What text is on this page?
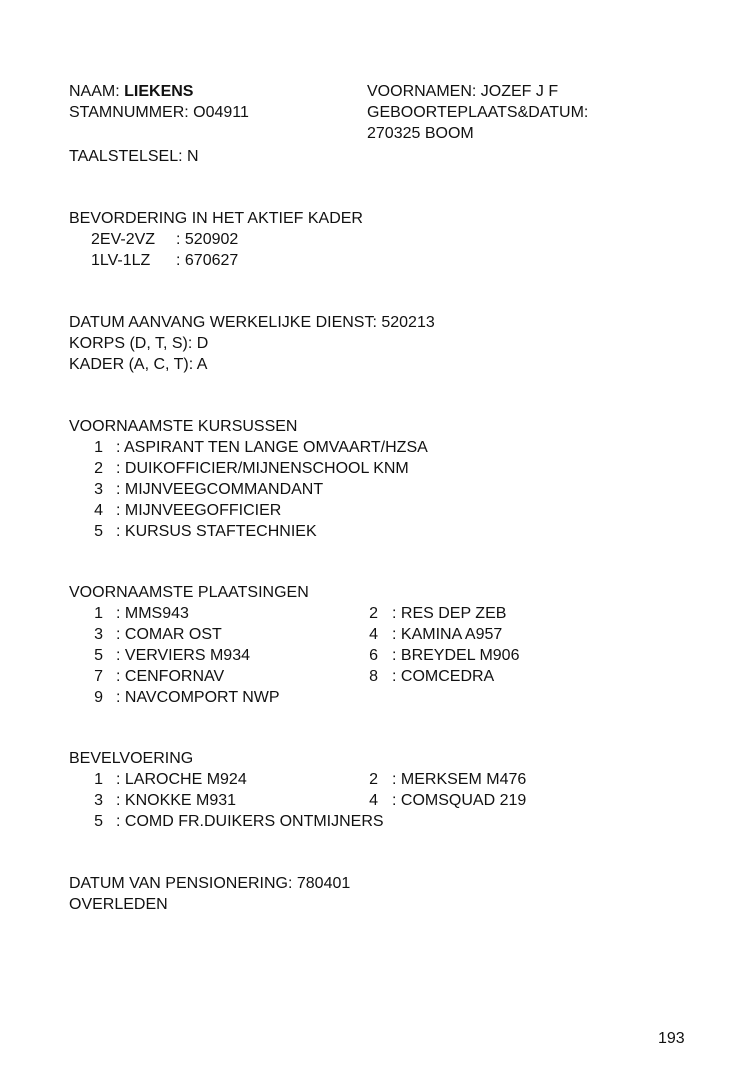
NAAM: LIEKENS	VOORNAMEN: JOZEF J F
STAMNUMMER: O04911	GEBOORTEPLAATS&DATUM:
270325 BOOM
TAALSTELSEL: N
BEVORDERING IN HET AKTIEF KADER
2EV-2VZ : 520902
1LV-1LZ : 670627
DATUM AANVANG WERKELIJKE DIENST: 520213
KORPS (D, T, S): D
KADER (A, C, T): A
VOORNAAMSTE KURSUSSEN
1 : ASPIRANT TEN LANGE OMVAART/HZSA
2 : DUIKOFFICIER/MIJNENSCHOOL KNM
3 : MIJNVEEGCOMMANDANT
4 : MIJNVEEGOFFICIER
5 : KURSUS STAFTECHNIEK
VOORNAAMSTE PLAATSINGEN
1 : MMS943
3 : COMAR OST
5 : VERVIERS M934
7 : CENFORNAV
9 : NAVCOMPORT NWP
2 : RES DEP ZEB
4 : KAMINA A957
6 : BREYDEL M906
8 : COMCEDRA
BEVELVOERING
1 : LAROCHE M924
3 : KNOKKE M931
5 : COMD FR.DUIKERS ONTMIJNERS
2 : MERKSEM M476
4 : COMSQUAD 219
DATUM VAN PENSIONERING: 780401
OVERLEDEN
193
